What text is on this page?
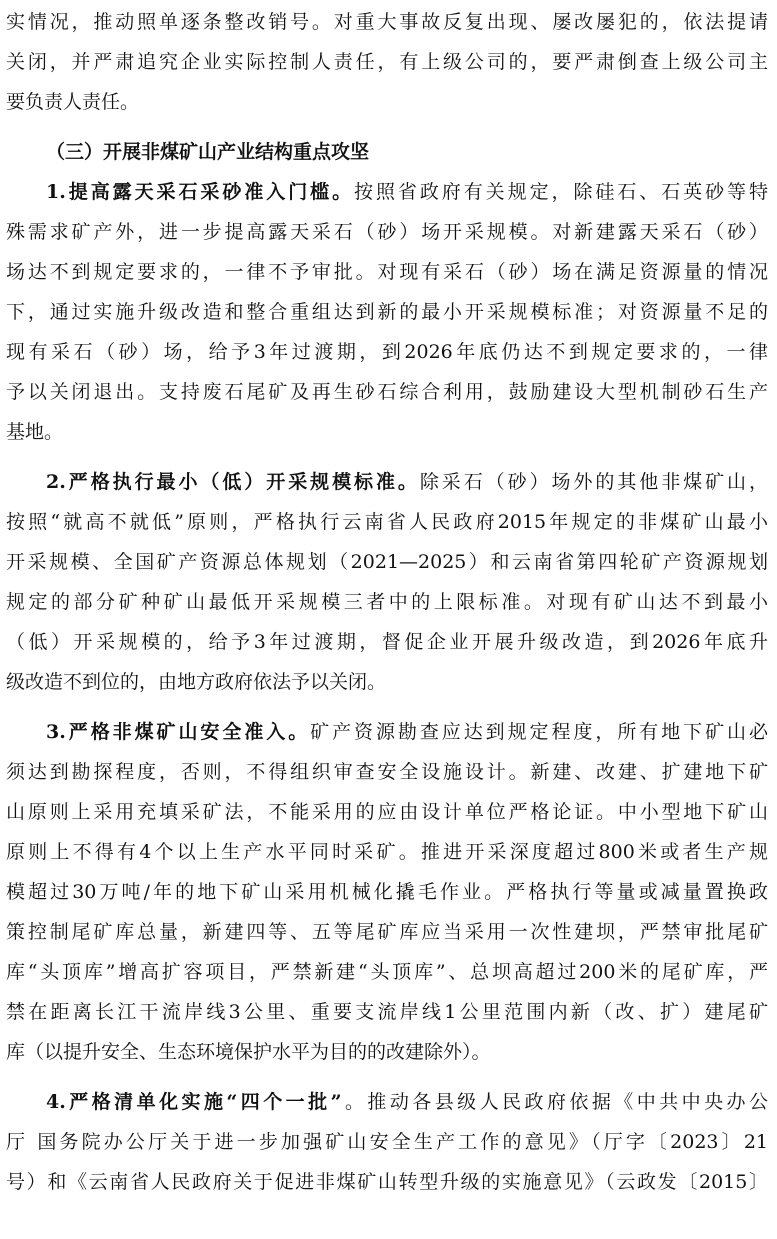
实情况，推动照单逐条整改销号。对重大事故反复出现、屡改屡犯的，依法提请
关闭，并严肃追究企业实际控制人责任，有上级公司的，要严肃倒查上级公司主
要负责人责任。
（三）开展非煤矿山产业结构重点攻坚
1.提高露天采石采砂准入门槛。按照省政府有关规定，除硅石、石英砂等特
殊需求矿产外，进一步提高露天采石（砂）场开采规模。对新建露天采石（砂）
场达不到规定要求的，一律不予审批。对现有采石（砂）场在满足资源量的情况
下，通过实施升级改造和整合重组达到新的最小开采规模标准；对资源量不足的
现有采石（砂）场，给予3年过渡期，到2026年底仍达不到规定要求的，一律
予以关闭退出。支持废石尾矿及再生砂石综合利用，鼓励建设大型机制砂石生产
基地。
2.严格执行最小（低）开采规模标准。除采石（砂）场外的其他非煤矿山，
按照“就高不就低”原则，严格执行云南省人民政府2015年规定的非煤矿山最小
开采规模、全国矿产资源总体规划（2021—2025）和云南省第四轮矿产资源规划
规定的部分矿种矿山最低开采规模三者中的上限标准。对现有矿山达不到最小
（低）开采规模的，给予3年过渡期，督促企业开展升级改造，到2026年底升
级改造不到位的，由地方政府依法予以关闭。
3.严格非煤矿山安全准入。矿产资源勘查应达到规定程度，所有地下矿山必
须达到勘探程度，否则，不得组织审查安全设施设计。新建、改建、扩建地下矿
山原则上采用充填采矿法，不能采用的应由设计单位严格论证。中小型地下矿山
原则上不得有4个以上生产水平同时采矿。推进开采深度超过800米或者生产规
模超过30万吨/年的地下矿山采用机械化撬毛作业。严格执行等量或减量置换政
策控制尾矿库总量，新建四等、五等尾矿库应当采用一次性建坝，严禁审批尾矿
库“头顶库”增高扩容项目，严禁新建“头顶库”、总坝高超过200米的尾矿库，严
禁在距离长江干流岸线3公里、重要支流岸线1公里范围内新（改、扩）建尾矿
库（以提升安全、生态环境保护水平为目的的改建除外）。
4.严格清单化实施“四个一批”。推动各县级人民政府依据《中共中央办公
厅 国务院办公厅关于进一步加强矿山安全生产工作的意见》（厅字〔2023〕21
号）和《云南省人民政府关于促进非煤矿山转型升级的实施意见》（云政发〔2015〕
